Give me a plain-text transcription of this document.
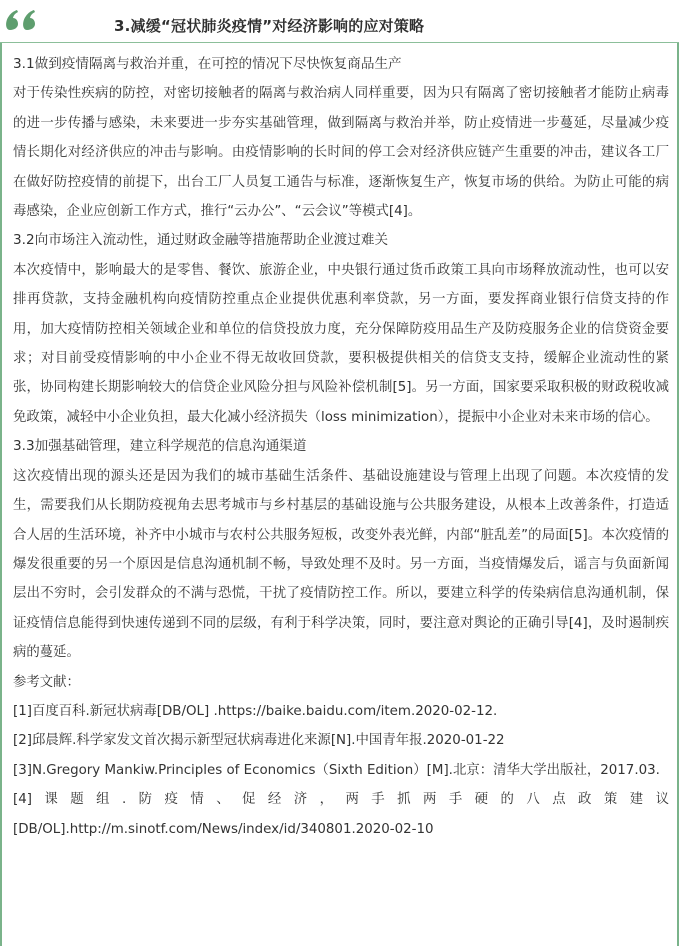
3.减缓“冠状肺炎疫情”对经济影响的应对策略

3.1做到疫情隔离与救治并重，在可控的情况下尽快恢复商品生产

对于传染性疾病的防控，对密切接触者的隔离与救治病人同样重要，因为只有隔离了密切接触者才能防止病毒的进一步传播与感染，未来要进一步夯实基础管理，做到隔离与救治并举，防止疫情进一步蔓延，尽量减少疫情长期化对经济供应的冲击与影响。由疫情影响的长时间的停工会对经济供应链产生重要的冲击，建议各工厂在做好防控疫情的前提下，出台工厂人员复工通告与标准，逐渐恢复生产，恢复市场的供给。为防止可能的病毒感染，企业应创新工作方式，推行“云办公”、“云会议”等模式[4]。

3.2向市场注入流动性，通过财政金融等措施帮助企业渡过难关

本次疫情中，影响最大的是零售、餐饮、旅游企业，中央银行通过货币政策工具向市场释放流动性，也可以安排再贷款，支持金融机构向疫情防控重点企业提供优惠利率贷款，另一方面，要发挥商业银行信贷支持的作用，加大疫情防控相关领域企业和单位的信贷投放力度，充分保障防疫用品生产及防疫服务企业的信贷资金要求；对目前受疫情影响的中小企业不得无故收回贷款，要积极提供相关的信贷支支持，缓解企业流动性的紧张，协同构建长期影响较大的信贷企业风险分担与风险补偿机制[5]。另一方面，国家要采取积极的财政税收减免政策，减轻中小企业负担，最大化减小经济损失（loss minimization），提振中小企业对未来市场的信心。

3.3加强基础管理，建立科学规范的信息沟通渠道

这次疫情出现的源头还是因为我们的城市基础生活条件、基础设施建设与管理上出现了问题。本次疫情的发生，需要我们从长期防疫视角去思考城市与乡村基层的基础设施与公共服务建设，从根本上改善条件，打造适合人居的生活环境，补齐中小城市与农村公共服务短板，改变外表光鲜，内部“脏乱差”的局面[5]。本次疫情的爆发很重要的另一个原因是信息沟通机制不畅，导致处理不及时。另一方面，当疫情爆发后，谣言与负面新闻层出不穷时，会引发群众的不满与恐慌，干扰了疫情防控工作。所以，要建立科学的传染病信息沟通机制，保证疫情信息能得到快速传递到不同的层级，有利于科学决策，同时，要注意对舆论的正确引导[4]，及时遏制疾病的蔓延。

参考文献：

[1]百度百科.新冠状病毒[DB/OL] .https://baike.baidu.com/item.2020-02-12.

[2]邱晨辉.科学家发文首次揭示新型冠状病毒进化来源[N].中国青年报.2020-01-22

[3]N.Gregory Mankiw.Principles of Economics（Sixth Edition）[M].北京：清华大学出版社，2017.03.

[4]课题组.防疫情、促经济，两手抓两手硬的八点政策建议[DB/OL].http://m.sinotf.com/News/index/id/340801.2020-02-10
